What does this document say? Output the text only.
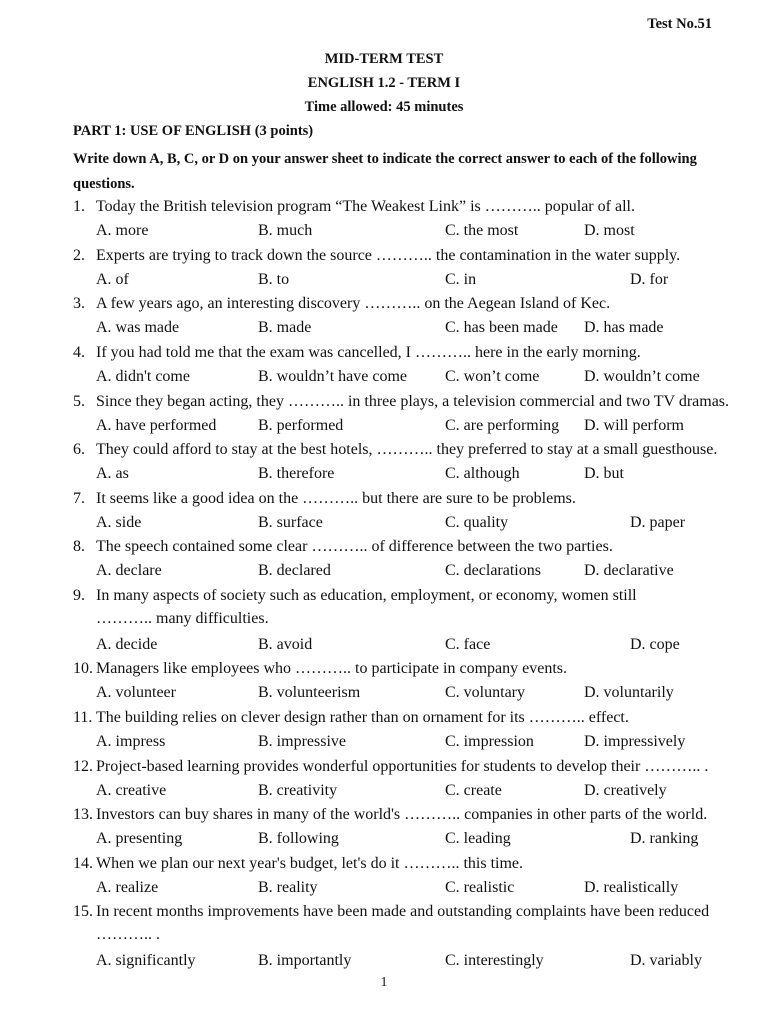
Test No.51
MID-TERM TEST
ENGLISH 1.2 - TERM I
Time allowed: 45 minutes
PART 1: USE OF ENGLISH (3 points)
Write down A, B, C, or D on your answer sheet to indicate the correct answer to each of the following questions.
1. Today the British television program “The Weakest Link” is ……….. popular of all.
A. more	B. much	C. the most	D. most
2. Experts are trying to track down the source ……….. the contamination in the water supply.
A. of	B. to	C. in	D. for
3. A few years ago, an interesting discovery ……….. on the Aegean Island of Kec.
A. was made	B. made	C. has been made D. has made
4. If you had told me that the exam was cancelled, I ……….. here in the early morning.
A. didn't come	B. wouldn’t have come C. won’t come	D. wouldn’t come
5. Since they began acting, they ……….. in three plays, a television commercial and two TV dramas.
A. have performed	B. performed	C. are performing D. will perform
6. They could afford to stay at the best hotels, ……….. they preferred to stay at a small guesthouse.
A. as	B. therefore	C. although	D. but
7. It seems like a good idea on the ……….. but there are sure to be problems.
A. side	B. surface	C. quality	D. paper
8. The speech contained some clear ……….. of difference between the two parties.
A. declare	B. declared	C. declarations	D. declarative
9. In many aspects of society such as education, employment, or economy, women still
……….. many difficulties.
A. decide	B. avoid	C. face	D. cope
10. Managers like employees who ……….. to participate in company events.
A. volunteer	B. volunteerism	C. voluntary	D. voluntarily
11. The building relies on clever design rather than on ornament for its ……….. effect.
A. impress	B. impressive	C. impression	D. impressively
12. Project-based learning provides wonderful opportunities for students to develop their ……….. .
A. creative	B. creativity	C. create	D. creatively
13. Investors can buy shares in many of the world's ……….. companies in other parts of the world.
A. presenting	B. following	C. leading	D. ranking
14. When we plan our next year's budget, let's do it ……….. this time.
A. realize	B. reality	C. realistic	D. realistically
15. In recent months improvements have been made and outstanding complaints have been reduced
……….. .
A. significantly	B. importantly	C. interestingly	D. variably
1
